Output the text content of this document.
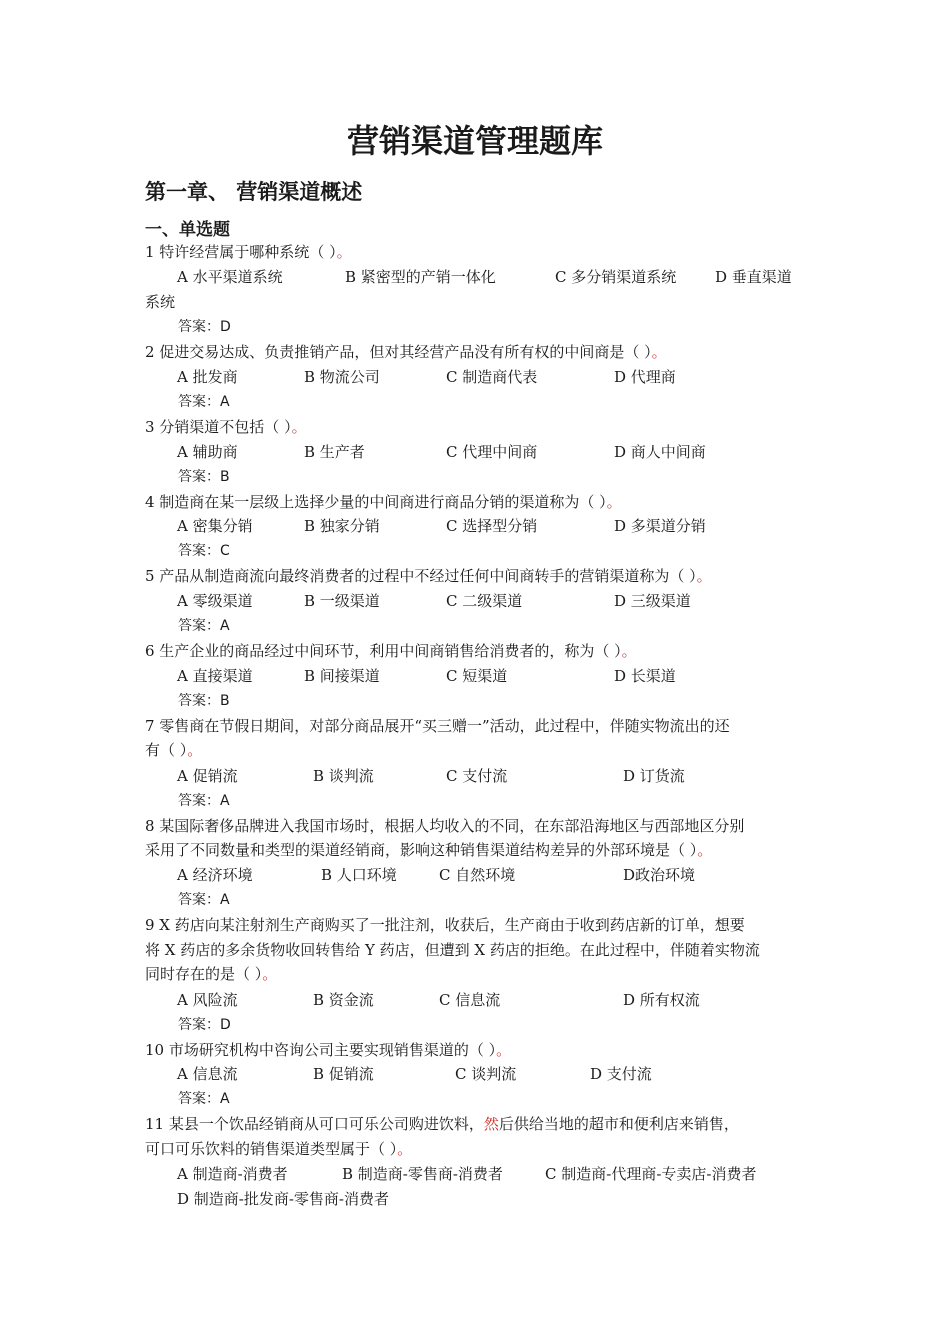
营销渠道管理题库
第一章、 营销渠道概述
一、单选题
1 特许经营属于哪种系统（ ）。
A 水平渠道系统	B 紧密型的产销一体化	C 多分销渠道系统	D 垂直渠道
系统
答案：D
2 促进交易达成、负责推销产品，但对其经营产品没有所有权的中间商是（ ）。
A 批发商	B 物流公司	C 制造商代表	D 代理商
答案：A
3 分销渠道不包括（ ）。
A 辅助商	B 生产者	C 代理中间商	D 商人中间商
答案：B
4 制造商在某一层级上选择少量的中间商进行商品分销的渠道称为（ ）。
A 密集分销	B 独家分销	C 选择型分销	D 多渠道分销
答案：C
5 产品从制造商流向最终消费者的过程中不经过任何中间商转手的营销渠道称为（ ）。
A 零级渠道	B 一级渠道	C 二级渠道	D 三级渠道
答案：A
6 生产企业的商品经过中间环节，利用中间商销售给消费者的，称为（ ）。
A 直接渠道	B 间接渠道	C 短渠道	D 长渠道
答案：B
7 零售商在节假日期间，对部分商品展开“买三赠一”活动，此过程中，伴随实物流出的还
有（ ）。
A 促销流	B 谈判流	C 支付流	D 订货流
答案：A
8 某国际奢侈品牌进入我国市场时，根据人均收入的不同，在东部沿海地区与西部地区分别
采用了不同数量和类型的渠道经销商，影响这种销售渠道结构差异的外部环境是（ ）。
A 经济环境	B 人口环境	C 自然环境	D政治环境
答案：A
9 X 药店向某注射剂生产商购买了一批注剂，收获后，生产商由于收到药店新的订单，想要
将 X 药店的多余货物收回转售给 Y 药店，但遭到 X 药店的拒绝。在此过程中，伴随着实物流
同时存在的是（ ）。
A 风险流	B 资金流	C 信息流	D 所有权流
答案：D
10 市场研究机构中咨询公司主要实现销售渠道的（ ）。
A 信息流	B 促销流	C 谈判流	D 支付流
答案：A
11 某县一个饮品经销商从可口可乐公司购进饮料，然后供给当地的超市和便利店来销售，
可口可乐饮料的销售渠道类型属于（ ）。
A 制造商-消费者	B 制造商-零售商-消费者	C 制造商-代理商-专卖店-消费者
D 制造商-批发商-零售商-消费者
